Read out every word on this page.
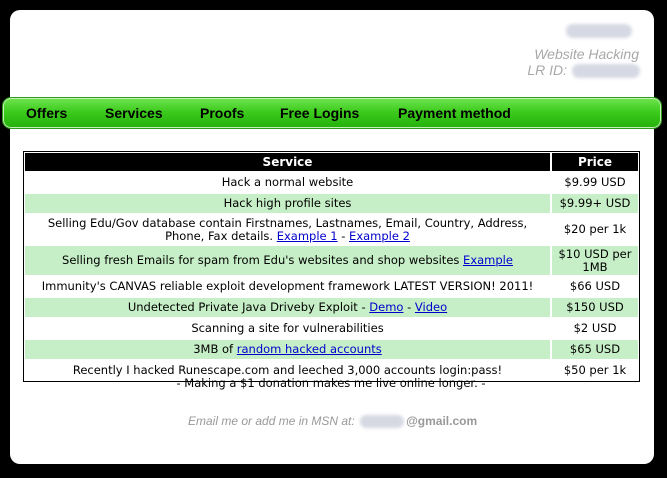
Website Hacking
LR ID:
Offers	Services	Proofs	Free Logins	Payment method
Service	Price
Hack a normal website	$9.99 USD
Hack high profile sites	$9.99+ USD
Selling Edu/Gov database contain Firstnames, Lastnames, Email, Country, Address, Phone, Fax details. Example 1 - Example 2	$20 per 1k
Selling fresh Emails for spam from Edu's websites and shop websites Example	$10 USD per 1MB
Immunity's CANVAS reliable exploit development framework LATEST VERSION! 2011!	$66 USD
Undetected Private Java Driveby Exploit - Demo - Video	$150 USD
Scanning a site for vulnerabilities	$2 USD
3MB of random hacked accounts	$65 USD
Recently I hacked Runescape.com and leeched 3,000 accounts login:pass!	$50 per 1k
- Making a $1 donation makes me live online longer. -
Email me or add me in MSN at:	@gmail.com
